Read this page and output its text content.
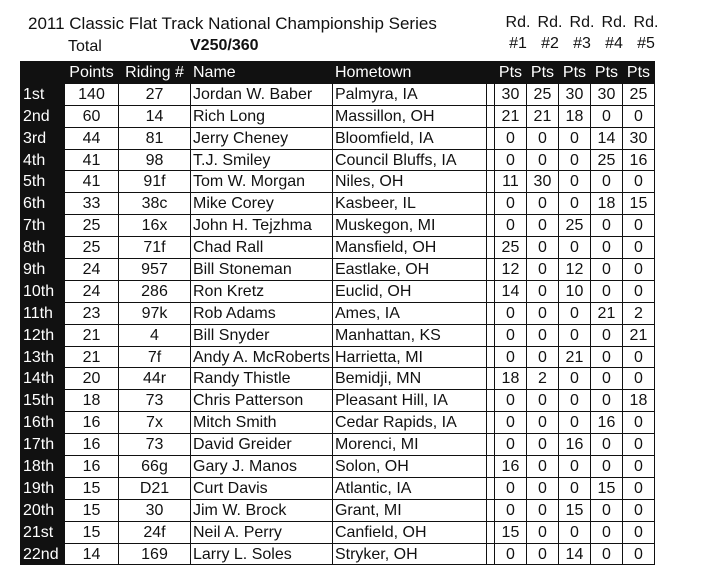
2011 Classic Flat Track National Championship Series
Total	V250/360
Rd.
#1
Rd.
#2
Rd.
#3
Rd.
#4
Rd.
#5
	Points	Riding #	Name	Hometown		Pts	Pts	Pts	Pts	Pts
1st	140	27	Jordan W. Baber	Palmyra, IA		30	25	30	30	25
2nd	60	14	Rich Long	Massillon, OH		21	21	18	0	0
3rd	44	81	Jerry Cheney	Bloomfield, IA		0	0	0	14	30
4th	41	98	T.J. Smiley	Council Bluffs, IA		0	0	0	25	16
5th	41	91f	Tom W. Morgan	Niles, OH		11	30	0	0	0
6th	33	38c	Mike Corey	Kasbeer, IL		0	0	0	18	15
7th	25	16x	John H. Tejzhma	Muskegon, MI		0	0	25	0	0
8th	25	71f	Chad Rall	Mansfield, OH		25	0	0	0	0
9th	24	957	Bill Stoneman	Eastlake, OH		12	0	12	0	0
10th	24	286	Ron Kretz	Euclid, OH		14	0	10	0	0
11th	23	97k	Rob Adams	Ames, IA		0	0	0	21	2
12th	21	4	Bill Snyder	Manhattan, KS		0	0	0	0	21
13th	21	7f	Andy A. McRoberts	Harrietta, MI		0	0	21	0	0
14th	20	44r	Randy Thistle	Bemidji, MN		18	2	0	0	0
15th	18	73	Chris Patterson	Pleasant Hill, IA		0	0	0	0	18
16th	16	7x	Mitch Smith	Cedar Rapids, IA		0	0	0	16	0
17th	16	73	David Greider	Morenci, MI		0	0	16	0	0
18th	16	66g	Gary J. Manos	Solon, OH		16	0	0	0	0
19th	15	D21	Curt Davis	Atlantic, IA		0	0	0	15	0
20th	15	30	Jim W. Brock	Grant, MI		0	0	15	0	0
21st	15	24f	Neil A. Perry	Canfield, OH		15	0	0	0	0
22nd	14	169	Larry L. Soles	Stryker, OH		0	0	14	0	0
